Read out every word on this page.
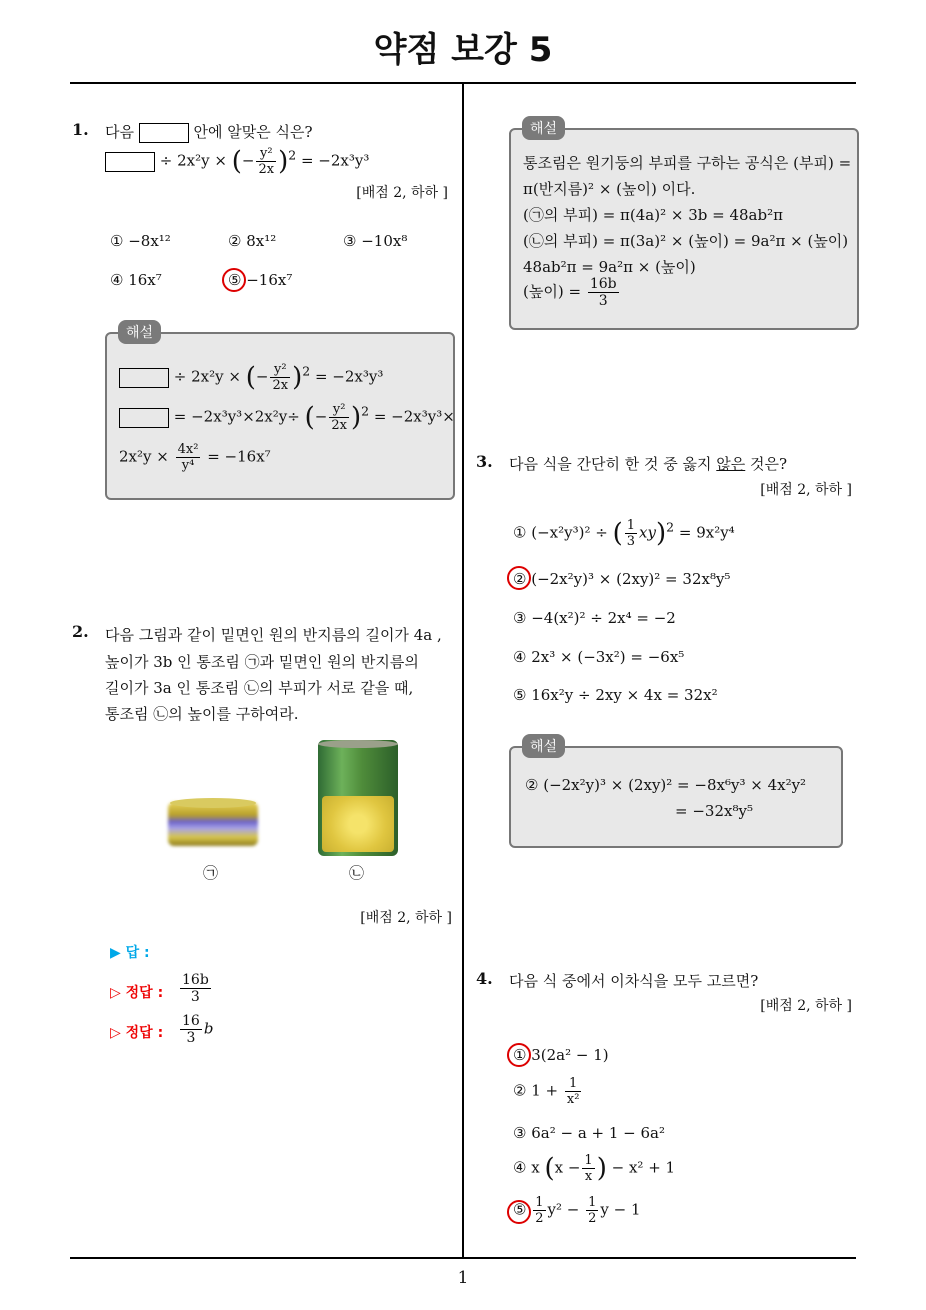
약점 보강 5
1
1. 다음	안에 알맞은 식은?
÷ 2x²y × (− $\frac{\text{y²}}{2x} )^2 = -2x^3y^3$
[배점 2, 하하 ]
① −8x¹²	② 8x¹²	③ −10x⁸
④ 16x⁷	⑤ −16x⁷
÷ 2x²y × (− $\frac{\text{y²}}{2x} )^2 = -2x^3y^3$
= −2x³y³×2x²y÷ (− $\frac{\text{y²}}{2x} )^2 = -2x^3y^3\times$
$2x^2y \times \frac{\text{4x²}}{\text{y⁴}} = -16x^7$
해설
2. 다음 그림과 같이 밑면인 원의 반지름의 길이가 4a ,
높이가 3b 인 통조림 ㉠과 밑면인 원의 반지름의
길이가 3a 인 통조림 ㉡의 부피가 서로 같을 때,
통조림 ㉡의 높이를 구하여라.
㉠	㉡
[배점 2, 하하 ]
▶ 답 :
▷ 정답 : $\frac{16b}{3}$
▷ 정답 : $\frac{16}{3}$ b
통조림은 원기둥의 부피를 구하는 공식은 (부피) =
π(반지름)² × (높이) 이다.
(㉠의 부피) = π(4a)² × 3b = 48ab²π
(㉡의 부피) = π(3a)² × (높이) = 9a²π × (높이)
48ab²π = 9a²π × (높이)
(높이) = $\frac{16b}{3}$
해설
3. 다음 식을 간단히 한 것 중 옳지 않은 것은?
[배점 2, 하하 ]
① (−x²y³)² ÷ ( $\frac{1}{3} xy)^2 = 9x^2y^4$
② (−2x²y)³ × (2xy)² = 32x⁸y⁵
③ −4(x²)² ÷ 2x⁴ = −2
④ 2x³ × (−3x²) = −6x⁵
⑤ 16x²y ÷ 2xy × 4x = 32x²
② (−2x²y)³ × (2xy)² = −8x⁶y³ × 4x²y²
= −32x⁸y⁵
해설
4. 다음 식 중에서 이차식을 모두 고르면?
[배점 2, 하하 ]
① 3(2a² − 1)
② $1 + \frac{1}{\text{x²}}$
③ 6a² − a + 1 − 6a²
④ x ($x - \frac{1}{x}$ ) − x² + 1
⑤ $\frac{1}{2} y^2 - \frac{1}{2}$ y − 1
